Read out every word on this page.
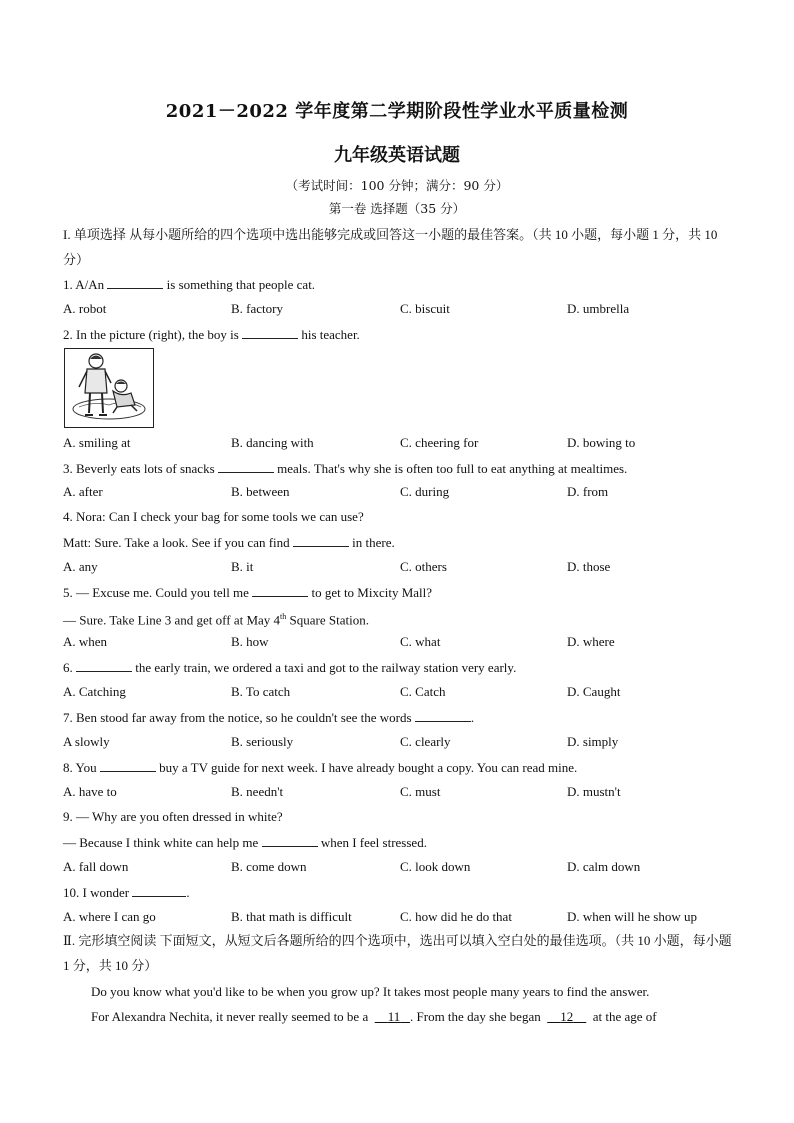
2021－2022 学年度第二学期阶段性学业水平质量检测
九年级英语试题
（考试时间：100 分钟；满分：90 分）
第一卷 选择题（35 分）
I. 单项选择 从每小题所给的四个选项中选出能够完成或回答这一小题的最佳答案。（共 10 小题，每小题 1 分，共 10 分）
1. A/An	is something that people cat.
A. robot	B. factory	C. biscuit	D. umbrella
2. In the picture (right), the boy is	his teacher.
A. smiling at	B. dancing with	C. cheering for	D. bowing to
3. Beverly eats lots of snacks	meals. That's why she is often too full to eat anything at mealtimes.
A. after	B. between	C. during	D. from
4. Nora: Can I check your bag for some tools we can use?
Matt: Sure. Take a look. See if you can find	in there.
A. any	B. it	C. others	D. those
5. — Excuse me. Could you tell me	to get to Mixcity Mall?
— Sure. Take Line 3 and get off at May 4th Square Station.
A. when	B. how	C. what	D. where
6.	the early train, we ordered a taxi and got to the railway station very early.
A. Catching	B. To catch	C. Catch	D. Caught
7. Ben stood far away from the notice, so he couldn't see the words	.
A slowly	B. seriously	C. clearly	D. simply
8. You	buy a TV guide for next week. I have already bought a copy. You can read mine.
A. have to	B. needn't	C. must	D. mustn't
9. — Why are you often dressed in white?
— Because I think white can help me	when I feel stressed.
A. fall down	B. come down	C. look down	D. calm down
10. I wonder	.
A. where I can go	B. that math is difficult	C. how did he do that	D. when will he show up
Ⅱ. 完形填空阅读 下面短文，从短文后各题所给的四个选项中，选出可以填入空白处的最佳选项。（共 10 小题，每小题 1 分，共 10 分）
Do you know what you'd like to be when you grow up? It takes most people many years to find the answer.
For Alexandra Nechita, it never really seemed to be a 11 . From the day she began 12 at the age of
